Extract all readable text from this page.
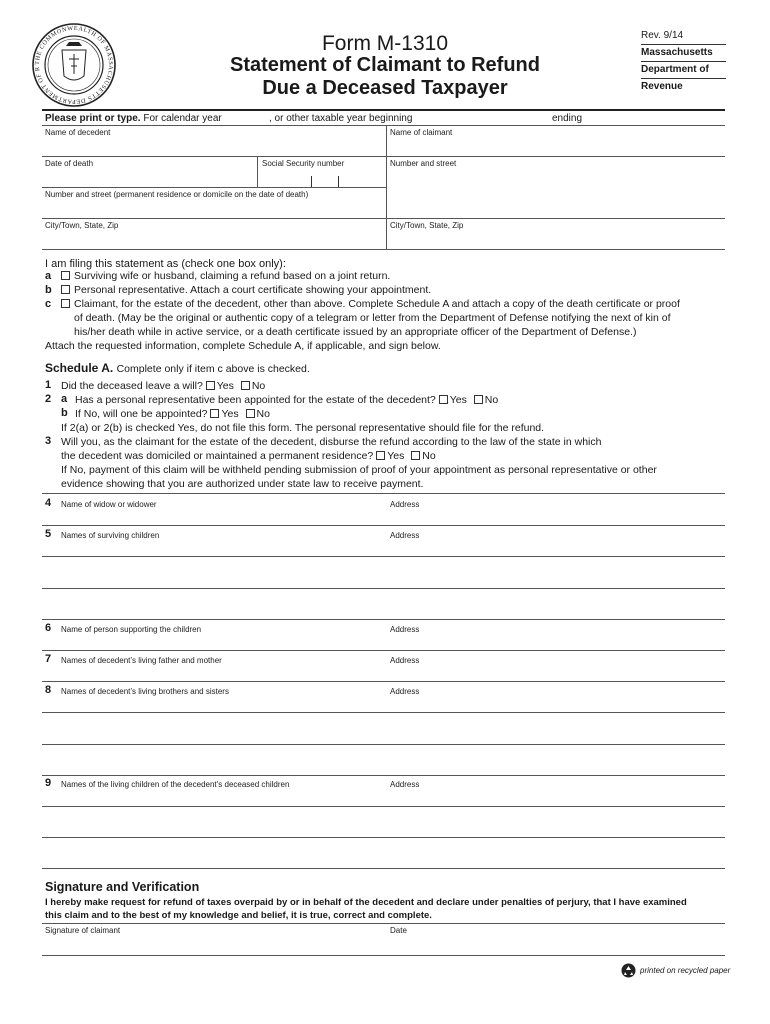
THE COMMONWEALTH OF MASSACHUSETTS DEPARTMENT OF R
Form M-1310
Statement of Claimant to Refund
Due a Deceased Taxpayer
Rev. 9/14
Massachusetts
Department of
Revenue
Please print or type. For calendar year	, or other taxable year beginning	ending
Name of decedent	Name of claimant
Date of death	Social Security number	Number and street
Number and street (permanent residence or domicile on the date of death)
City/Town, State, Zip	City/Town, State, Zip
I am filing this statement as (check one box only):
a Surviving wife or husband, claiming a refund based on a joint return.
b Personal representative. Attach a court certificate showing your appointment.
c Claimant, for the estate of the decedent, other than above. Complete Schedule A and attach a copy of the death certificate or proof
of death. (May be the original or authentic copy of a telegram or letter from the Department of Defense notifying the next of kin of
his/her death while in active service, or a death certificate issued by an appropriate officer of the Department of Defense.)
Attach the requested information, complete Schedule A, if applicable, and sign below.
Schedule A. Complete only if item c above is checked.
1 Did the deceased leave a will? Yes No
2 a Has a personal representative been appointed for the estate of the decedent? Yes No
b If No, will one be appointed? Yes No
If 2(a) or 2(b) is checked Yes, do not file this form. The personal representative should file for the refund.
3 Will you, as the claimant for the estate of the decedent, disburse the refund according to the law of the state in which
the decedent was domiciled or maintained a permanent residence? Yes No
If No, payment of this claim will be withheld pending submission of proof of your appointment as personal representative or other
evidence showing that you are authorized under state law to receive payment.
4 Name of widow or widower	Address
5 Names of surviving children	Address
6 Name of person supporting the children	Address
7 Names of decedent’s living father and mother	Address
8 Names of decedent’s living brothers and sisters	Address
9 Names of the living children of the decedent’s deceased children	Address
Signature and Verification
I hereby make request for refund of taxes overpaid by or in behalf of the decedent and declare under penalties of perjury, that I have examined
this claim and to the best of my knowledge and belief, it is true, correct and complete.
Signature of claimant	Date
printed on recycled paper
